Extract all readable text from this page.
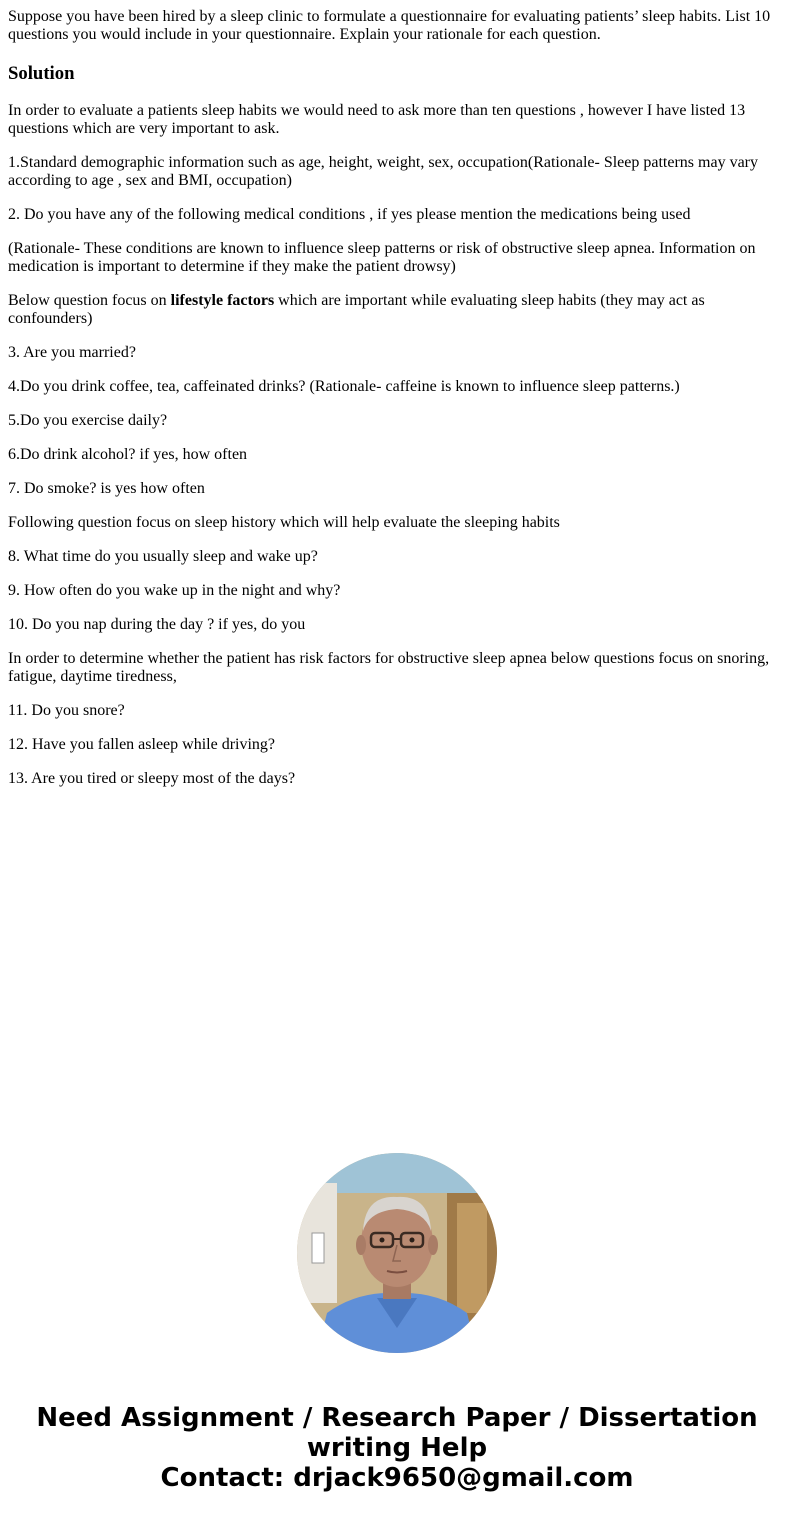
Suppose you have been hired by a sleep clinic to formulate a questionnaire for evaluating patients’ sleep habits. List 10 questions you would include in your questionnaire. Explain your rationale for each question.

Solution

In order to evaluate a patients sleep habits we would need to ask more than ten questions , however I have listed 13 questions which are very important to ask.

1.Standard demographic information such as age, height, weight, sex, occupation(Rationale- Sleep patterns may vary according to age , sex and BMI, occupation)

2. Do you have any of the following medical conditions , if yes please mention the medications being used

(Rationale- These conditions are known to influence sleep patterns or risk of obstructive sleep apnea. Information on medication is important to determine if they make the patient drowsy)

Below question focus on lifestyle factors which are important while evaluating sleep habits (they may act as confounders)

3. Are you married?

4.Do you drink coffee, tea, caffeinated drinks? (Rationale- caffeine is known to influence sleep patterns.)

5.Do you exercise daily?

6.Do drink alcohol? if yes, how often

7. Do smoke? is yes how often

Following question focus on sleep history which will help evaluate the sleeping habits

8. What time do you usually sleep and wake up?

9. How often do you wake up in the night and why?

10. Do you nap during the day ? if yes, do you

In order to determine whether the patient has risk factors for obstructive sleep apnea below questions focus on snoring, fatigue, daytime tiredness,

11. Do you snore?

12. Have you fallen asleep while driving?

13. Are you tired or sleepy most of the days?

Need Assignment / Research Paper / Dissertation
writing Help
Contact: drjack9650@gmail.com
